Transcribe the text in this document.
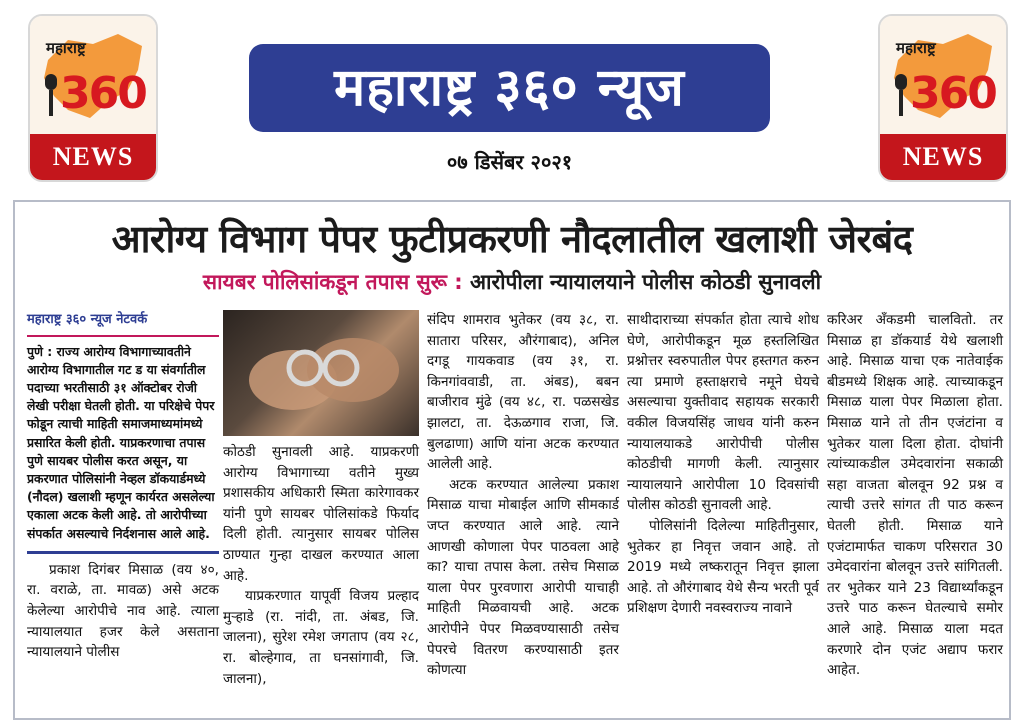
महाराष्ट्र
360
NEWS
महाराष्ट्र ३६० न्यूज
०७ डिसेंबर २०२१
महाराष्ट्र
360
NEWS
आरोग्य विभाग पेपर फुटीप्रकरणी नौदलातील खलाशी जेरबंद
सायबर पोलिसांकडून तपास सुरू : आरोपीला न्यायालयाने पोलीस कोठडी सुनावली
महाराष्ट्र ३६० न्यूज नेटवर्क

पुणे : राज्य आरोग्य विभागाच्यावतीने आरोग्य विभागातील गट ड या संवर्गातील पदाच्या भरतीसाठी ३१ ऑक्टोबर रोजी लेखी परीक्षा घेतली होती. या परिक्षेचे पेपर फोडून त्याची माहिती समाजमाध्यमांमध्ये प्रसारित केली होती. याप्रकरणाचा तपास पुणे सायबर पोलीस करत असून, या प्रकरणात पोलिसांनी नेव्हल डॉकयार्डमध्ये (नौदल) खलाशी म्हणून कार्यरत असलेल्या एकाला अटक केली आहे. तो आरोपीच्या संपर्कात असल्याचे निर्दशनास आले आहे.

प्रकाश दिगंबर मिसाळ (वय ४०, रा. वराळे, ता. मावळ) असे अटक केलेल्या आरोपीचे नाव आहे. त्याला न्यायालयात हजर केले असताना न्यायालयाने पोलीस

कोठडी सुनावली आहे. याप्रकरणी आरोग्य विभागाच्या वतीने मुख्य प्रशासकीय अधिकारी स्मिता कारेगावकर यांनी पुणे सायबर पोलिसांकडे फिर्याद दिली होती. त्यानुसार सायबर पोलिस ठाण्यात गुन्हा दाखल करण्यात आला आहे.

याप्रकरणात यापूर्वी विजय प्रल्हाद मुऱ्हाडे (रा. नांदी, ता. अंबड, जि. जालना), सुरेश रमेश जगताप (वय २८, रा. बोल्हेगाव, ता घनसांगावी, जि. जालना),

संदिप शामराव भुतेकर (वय ३८, रा. सातारा परिसर, औरंगाबाद), अनिल दगडू गायकवाड (वय ३१, रा. किनगांववाडी, ता. अंबड), बबन बाजीराव मुंढे (वय ४८, रा. पळसखेड झालटा, ता. देऊळगाव राजा, जि. बुलढाणा) आणि यांना अटक करण्यात आलेली आहे.

अटक करण्यात आलेल्या प्रकाश मिसाळ याचा मोबाईल आणि सीमकार्ड जप्त करण्यात आले आहे. त्याने आणखी कोणाला पेपर पाठवला आहे का? याचा तपास केला. तसेच मिसाळ याला पेपर पुरवणारा आरोपी याचाही माहिती मिळवायची आहे. अटक आरोपीने पेपर मिळवण्यासाठी तसेच पेपरचे वितरण करण्यासाठी इतर कोणत्या

साथीदाराच्या संपर्कात होता त्याचे शोध घेणे, आरोपीकडून मूळ हस्तलिखित प्रश्नोत्तर स्वरुपातील पेपर हस्तगत करुन त्या प्रमाणे हस्ताक्षराचे नमूने घेयचे असल्याचा युक्तीवाद सहायक सरकारी वकील विजयसिंह जाधव यांनी करुन न्यायालयाकडे आरोपीची पोलीस कोठडीची मागणी केली. त्यानुसार न्यायालयाने आरोपीला 10 दिवसांची पोलीस कोठडी सुनावली आहे.

पोलिसांनी दिलेल्या माहितीनुसार, भुतेकर हा निवृत्त जवान आहे. तो 2019 मध्ये लष्करातून निवृत्त झाला आहे. तो औरंगाबाद येथे सैन्य भरती पूर्व प्रशिक्षण देणारी नवस्वराज्य नावाने

करिअर अँकडमी चालवितो. तर मिसाळ हा डॉकयार्ड येथे खलाशी आहे. मिसाळ याचा एक नातेवाईक बीडमध्ये शिक्षक आहे. त्याच्याकडून मिसाळ याला पेपर मिळाला होता. मिसाळ याने तो तीन एजंटांना व भुतेकर याला दिला होता. दोघांनी त्यांच्याकडील उमेदवारांना सकाळी सहा वाजता बोलवून 92 प्रश्न व त्याची उत्तरे सांगत ती पाठ करून घेतली होती. मिसाळ याने एजंटामार्फत चाकण परिसरात 30 उमेदवारांना बोलवून उत्तरे सांगितली. तर भुतेकर याने 23 विद्यार्थ्यांकडून उत्तरे पाठ करून घेतल्याचे समोर आले आहे. मिसाळ याला मदत करणारे दोन एजंट अद्याप फरार आहेत.
